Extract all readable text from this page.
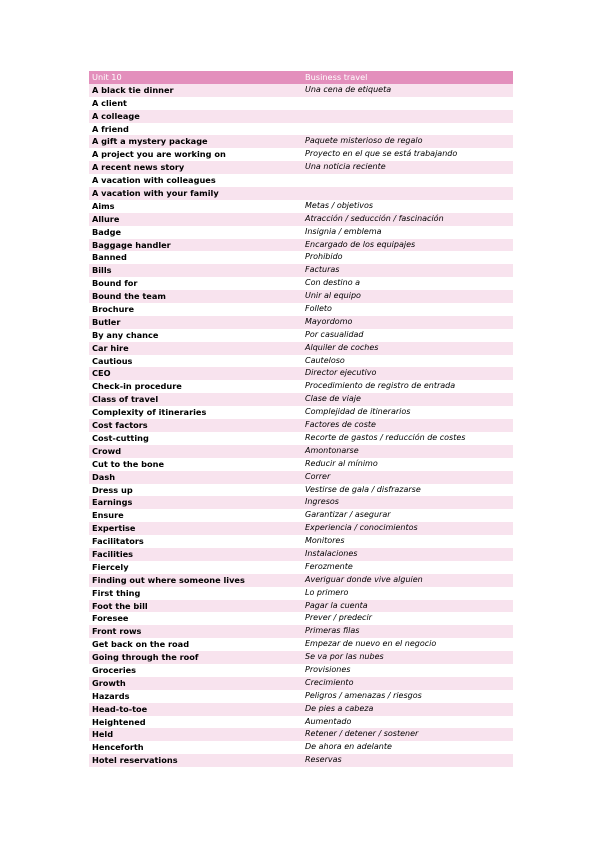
Unit 10	Business travel
A black tie dinner	Una cena de etiqueta
A client	
A colleage	
A friend	
A gift a mystery package	Paquete misterioso de regalo
A project you are working on	Proyecto en el que se está trabajando
A recent news story	Una noticia reciente
A vacation with colleagues	
A vacation with your family	
Aims	Metas / objetivos
Allure	Atracción / seducción / fascinación
Badge	Insignia / emblema
Baggage handler	Encargado de los equipajes
Banned	Prohibido
Bills	Facturas
Bound for	Con destino a
Bound the team	Unir al equipo
Brochure	Folleto
Butler	Mayordomo
By any chance	Por casualidad
Car hire	Alquiler de coches
Cautious	Cauteloso
CEO	Director ejecutivo
Check-in procedure	Procedimiento de registro de entrada
Class of travel	Clase de viaje
Complexity of itineraries	Complejidad de itinerarios
Cost factors	Factores de coste
Cost-cutting	Recorte de gastos / reducción de costes
Crowd	Amontonarse
Cut to the bone	Reducir al mínimo
Dash	Correr
Dress up	Vestirse de gala / disfrazarse
Earnings	Ingresos
Ensure	Garantizar / asegurar
Expertise	Experiencia / conocimientos
Facilitators	Monitores
Facilities	Instalaciones
Fiercely	Ferozmente
Finding out where someone lives	Averiguar donde vive alguien
First thing	Lo primero
Foot the bill	Pagar la cuenta
Foresee	Prever / predecir
Front rows	Primeras filas
Get back on the road	Empezar de nuevo en el negocio
Going through the roof	Se va por las nubes
Groceries	Provisiones
Growth	Crecimiento
Hazards	Peligros / amenazas / riesgos
Head-to-toe	De pies a cabeza
Heightened	Aumentado
Held	Retener / detener / sostener
Henceforth	De ahora en adelante
Hotel reservations	Reservas
